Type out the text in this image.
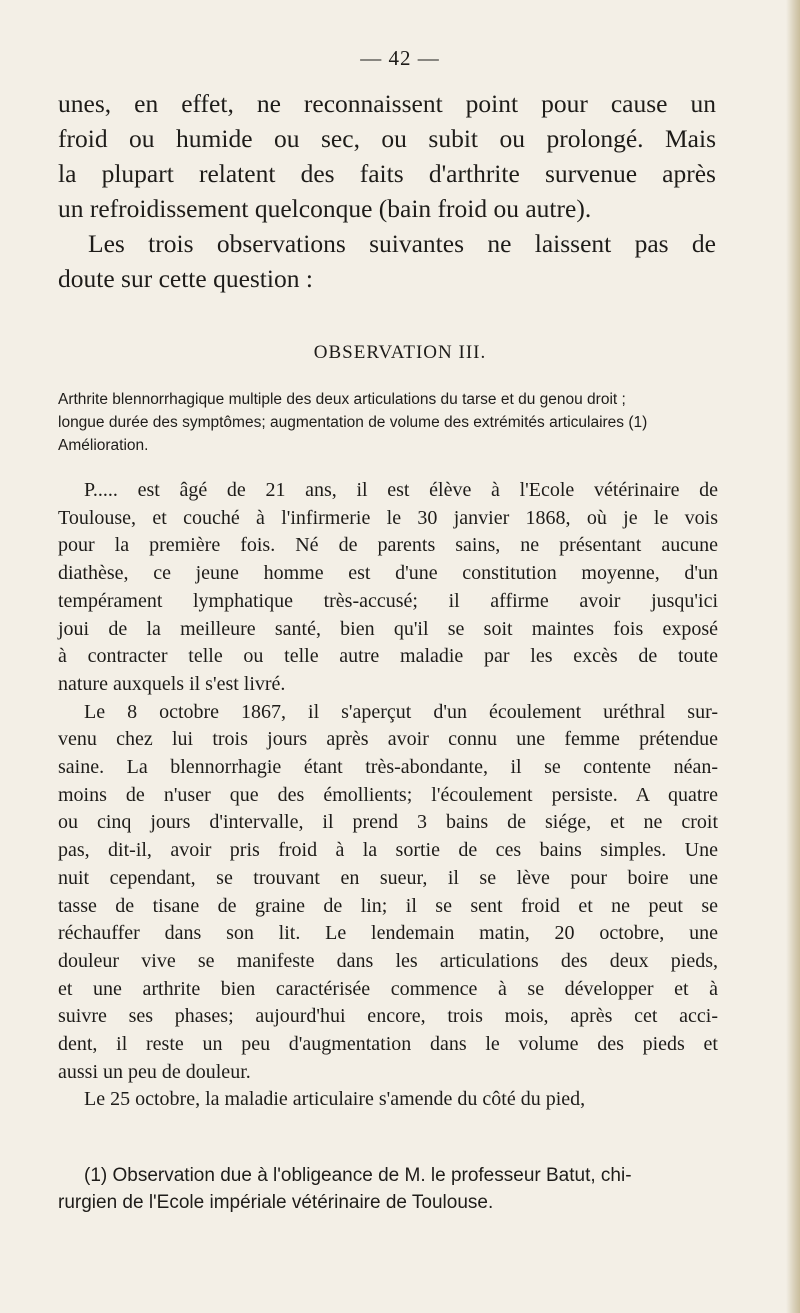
— 42 —
unes, en effet, ne reconnaissent point pour cause un
froid ou humide ou sec, ou subit ou prolongé. Mais
la plupart relatent des faits d'arthrite survenue après
un refroidissement quelconque (bain froid ou autre).
Les trois observations suivantes ne laissent pas de
doute sur cette question :
OBSERVATION III.
Arthrite blennorrhagique multiple des deux articulations du tarse et du genou droit ;
longue durée des symptômes; augmentation de volume des extrémités articulaires (1)
Amélioration.
P..... est âgé de 21 ans, il est élève à l'Ecole vétérinaire de
Toulouse, et couché à l'infirmerie le 30 janvier 1868, où je le vois
pour la première fois. Né de parents sains, ne présentant aucune
diathèse, ce jeune homme est d'une constitution moyenne, d'un
tempérament lymphatique très-accusé; il affirme avoir jusqu'ici
joui de la meilleure santé, bien qu'il se soit maintes fois exposé
à contracter telle ou telle autre maladie par les excès de toute
nature auxquels il s'est livré.
Le 8 octobre 1867, il s'aperçut d'un écoulement uréthral sur-
venu chez lui trois jours après avoir connu une femme prétendue
saine. La blennorrhagie étant très-abondante, il se contente néan-
moins de n'user que des émollients; l'écoulement persiste. A quatre
ou cinq jours d'intervalle, il prend 3 bains de siége, et ne croit
pas, dit-il, avoir pris froid à la sortie de ces bains simples. Une
nuit cependant, se trouvant en sueur, il se lève pour boire une
tasse de tisane de graine de lin; il se sent froid et ne peut se
réchauffer dans son lit. Le lendemain matin, 20 octobre, une
douleur vive se manifeste dans les articulations des deux pieds,
et une arthrite bien caractérisée commence à se développer et à
suivre ses phases; aujourd'hui encore, trois mois, après cet acci-
dent, il reste un peu d'augmentation dans le volume des pieds et
aussi un peu de douleur.
Le 25 octobre, la maladie articulaire s'amende du côté du pied,
(1) Observation due à l'obligeance de M. le professeur Batut, chi-
rurgien de l'Ecole impériale vétérinaire de Toulouse.
